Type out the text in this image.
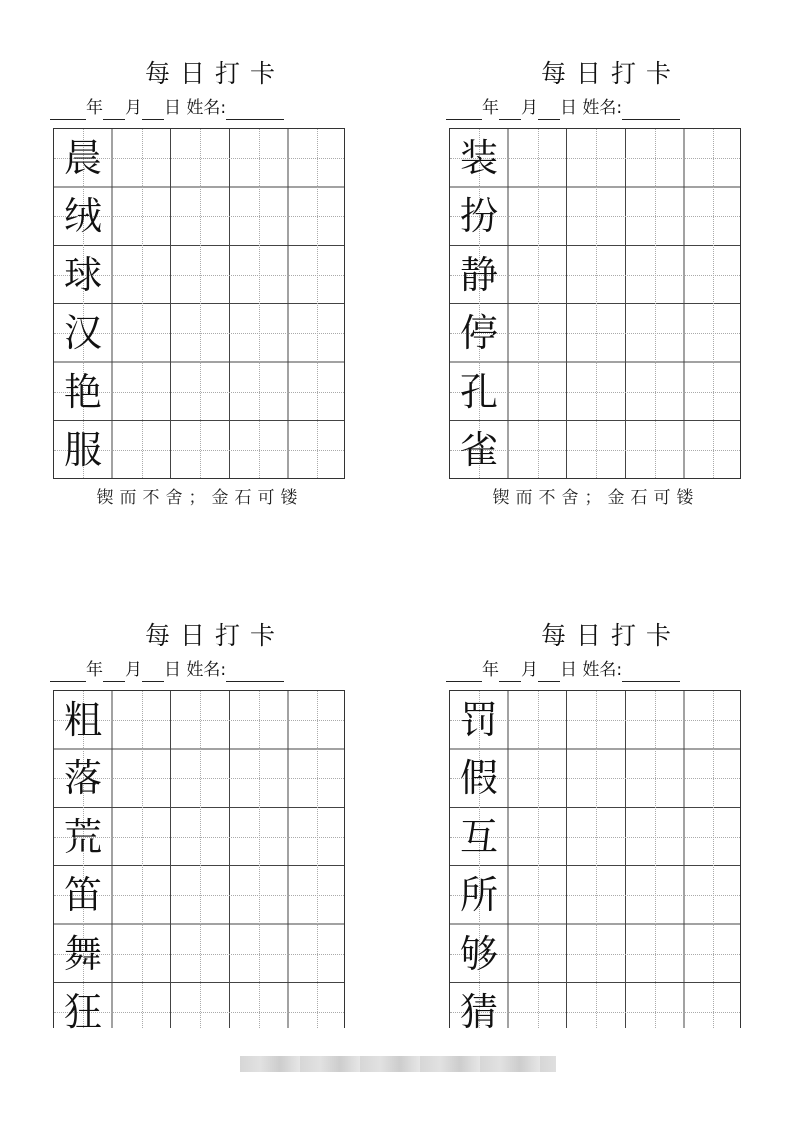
每日打卡
年 月 日 姓名:
晨
绒
球
汉
艳
服
锲而不舍；金石可镂
每日打卡
年 月 日 姓名:
装
扮
静
停
孔
雀
锲而不舍；金石可镂
每日打卡
年 月 日 姓名:
粗
落
荒
笛
舞
狂
每日打卡
年 月 日 姓名:
罚
假
互
所
够
猜
